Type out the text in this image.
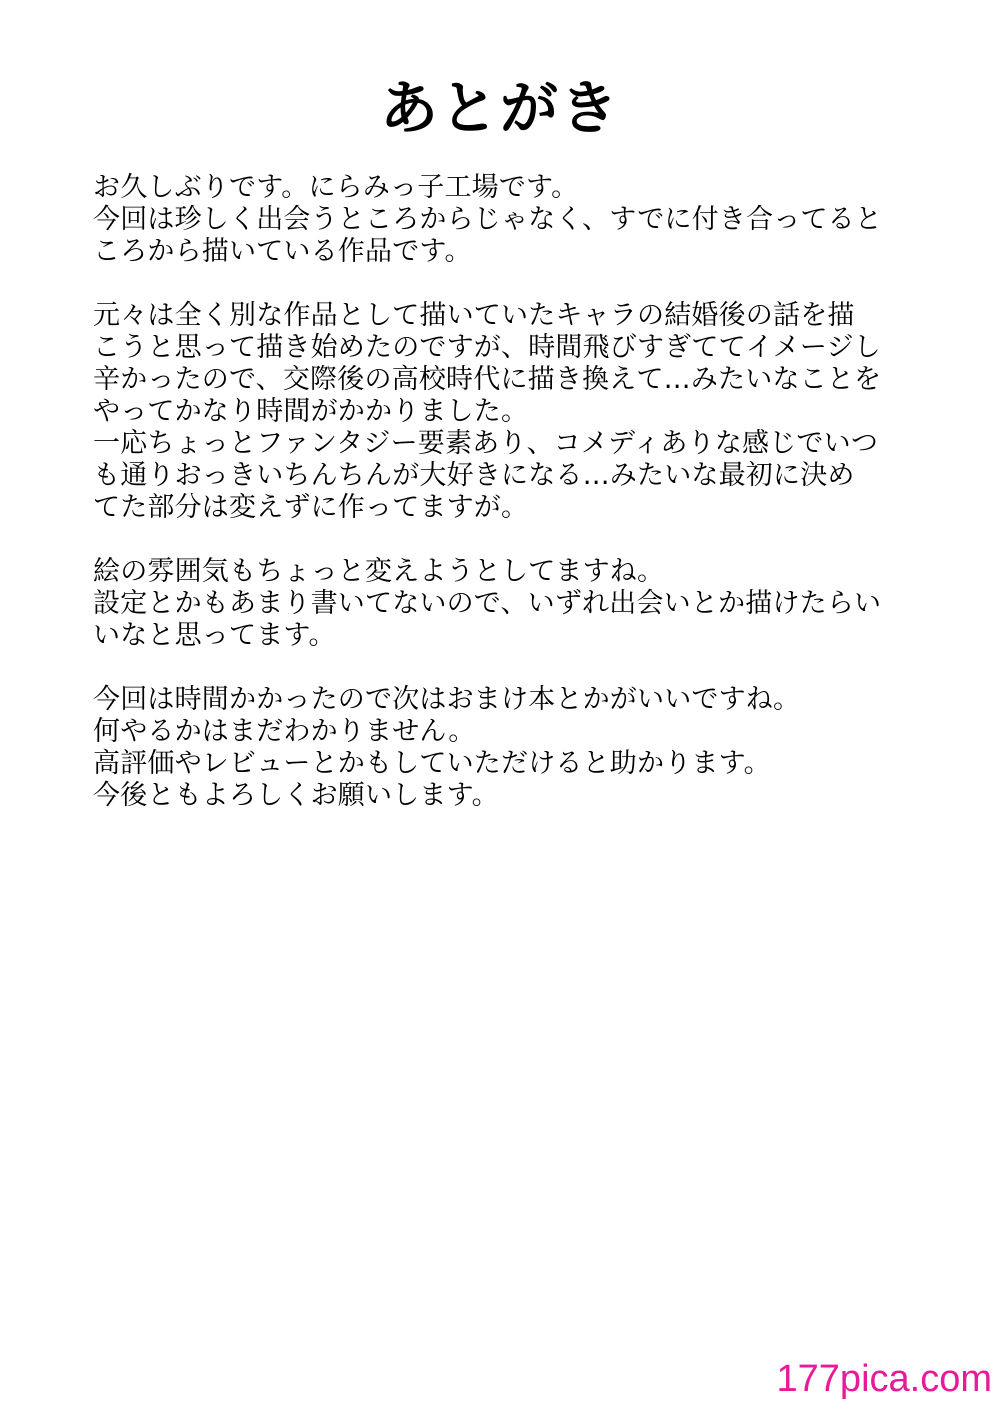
あとがき
お久しぶりです。にらみっ子工場です。
今回は珍しく出会うところからじゃなく、すでに付き合ってると
ころから描いている作品です。
元々は全く別な作品として描いていたキャラの結婚後の話を描
こうと思って描き始めたのですが、時間飛びすぎててイメージし
辛かったので、交際後の高校時代に描き換えて…みたいなことを
やってかなり時間がかかりました。
一応ちょっとファンタジー要素あり、コメディありな感じでいつ
も通りおっきいちんちんが大好きになる…みたいな最初に決め
てた部分は変えずに作ってますが。
絵の雰囲気もちょっと変えようとしてますね。
設定とかもあまり書いてないので、いずれ出会いとか描けたらい
いなと思ってます。
今回は時間かかったので次はおまけ本とかがいいですね。
何やるかはまだわかりません。
高評価やレビューとかもしていただけると助かります。
今後ともよろしくお願いします。
177pica.com
